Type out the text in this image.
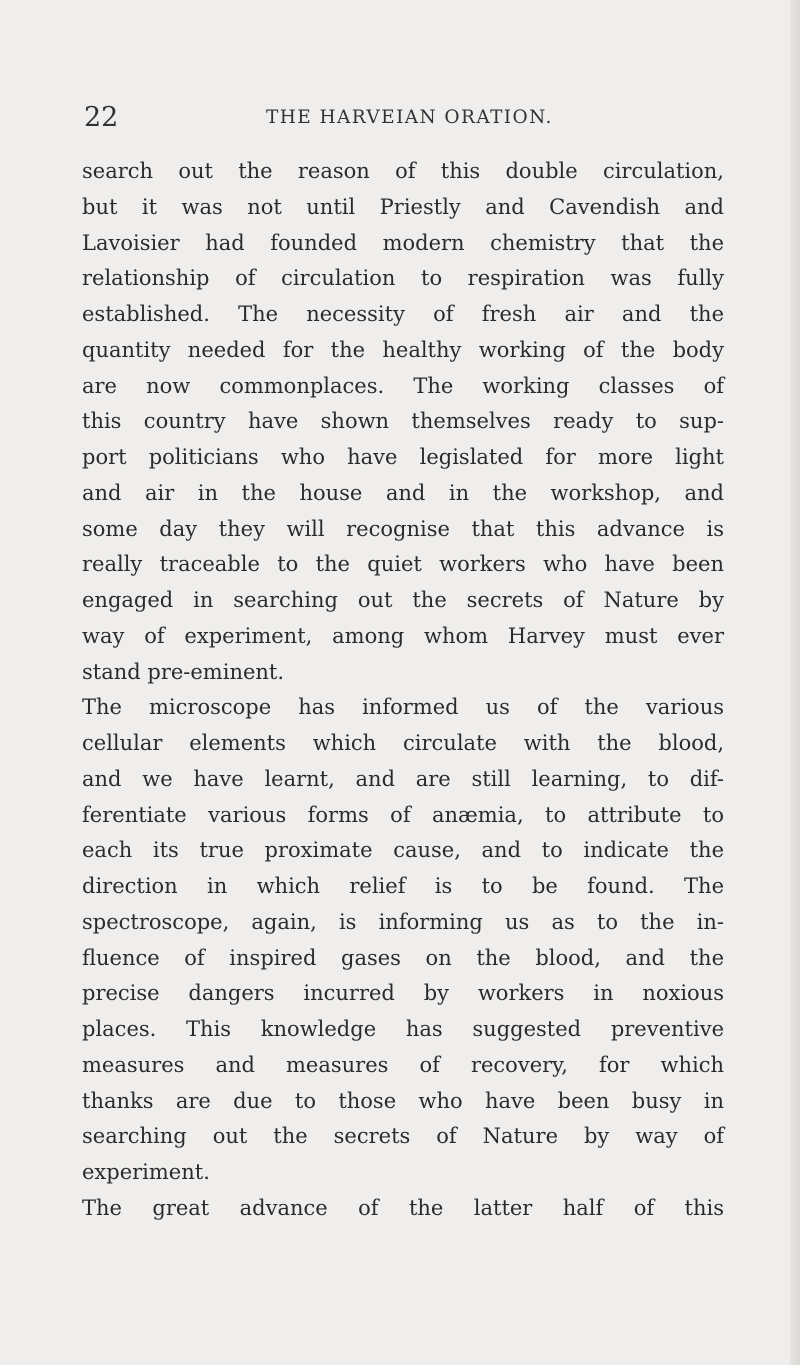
22	THE HARVEIAN ORATION.
search out the reason of this double circulation,
but it was not until Priestly and Cavendish and
Lavoisier had founded modern chemistry that the
relationship of circulation to respiration was fully
established. The necessity of fresh air and the
quantity needed for the healthy working of the body
are now commonplaces. The working classes of
this country have shown themselves ready to sup-
port politicians who have legislated for more light
and air in the house and in the workshop, and
some day they will recognise that this advance is
really traceable to the quiet workers who have been
engaged in searching out the secrets of Nature by
way of experiment, among whom Harvey must ever
stand pre-eminent.
The microscope has informed us of the various
cellular elements which circulate with the blood,
and we have learnt, and are still learning, to dif-
ferentiate various forms of anæmia, to attribute to
each its true proximate cause, and to indicate the
direction in which relief is to be found. The
spectroscope, again, is informing us as to the in-
fluence of inspired gases on the blood, and the
precise dangers incurred by workers in noxious
places. This knowledge has suggested preventive
measures and measures of recovery, for which
thanks are due to those who have been busy in
searching out the secrets of Nature by way of
experiment.
The great advance of the latter half of this
